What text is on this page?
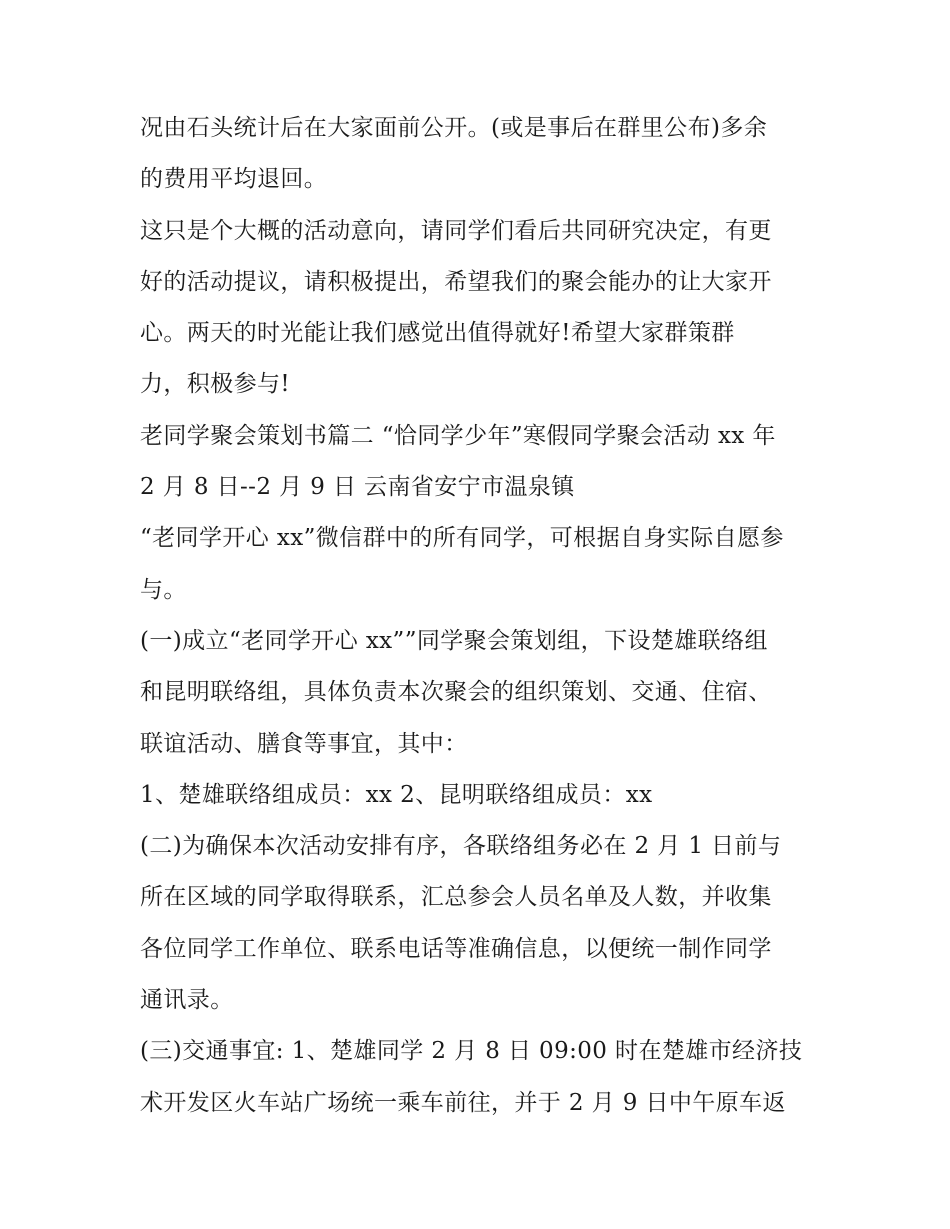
况由石头统计后在大家面前公开。(或是事后在群里公布)多余
的费用平均退回。
这只是个大概的活动意向，请同学们看后共同研究决定，有更
好的活动提议，请积极提出，希望我们的聚会能办的让大家开
心。两天的时光能让我们感觉出值得就好!希望大家群策群
力，积极参与!
老同学聚会策划书篇二 “恰同学少年”寒假同学聚会活动 xx 年
2 月 8 日--2 月 9 日 云南省安宁市温泉镇
“老同学开心 xx”微信群中的所有同学，可根据自身实际自愿参
与。
(一)成立“老同学开心 xx””同学聚会策划组，下设楚雄联络组
和昆明联络组，具体负责本次聚会的组织策划、交通、住宿、
联谊活动、膳食等事宜，其中：
1、楚雄联络组成员：xx 2、昆明联络组成员：xx
(二)为确保本次活动安排有序，各联络组务必在 2 月 1 日前与
所在区域的同学取得联系，汇总参会人员名单及人数，并收集
各位同学工作单位、联系电话等准确信息，以便统一制作同学
通讯录。
(三)交通事宜: 1、楚雄同学 2 月 8 日 09:00 时在楚雄市经济技
术开发区火车站广场统一乘车前往，并于 2 月 9 日中午原车返
